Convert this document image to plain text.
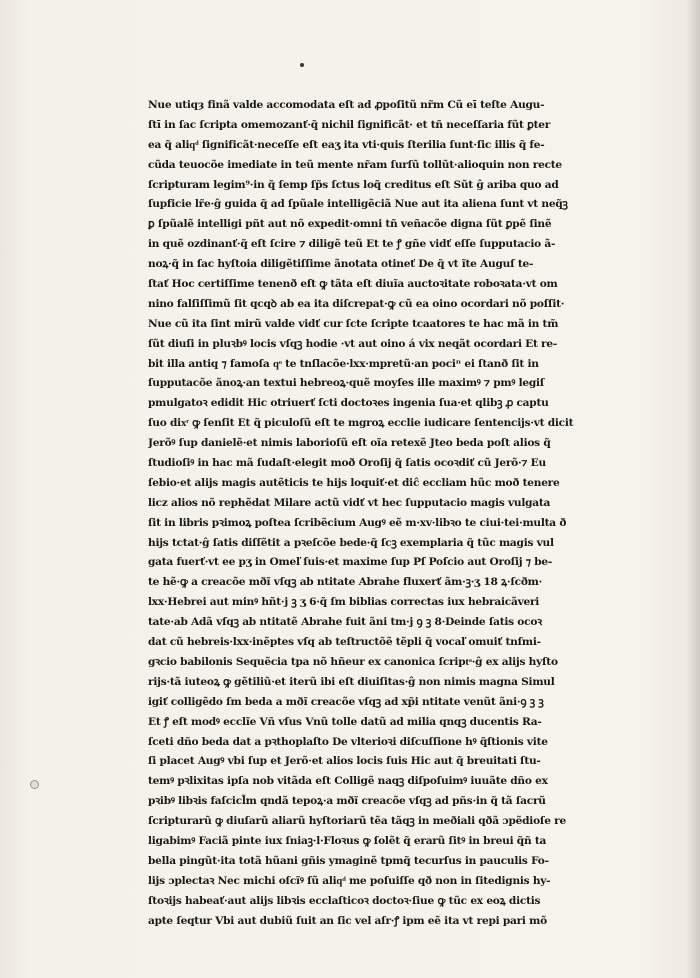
Nue utiqȝ finã valde accomodata eſt ad ꝓpoſitũ nr̃m Cũ eī teſte Augu-
ſtī in ſac ſcripta omemozanť·q̃ nichil ſignificãt· et tñ neceſſaria fũt ꝑter
ea q̃ aliqͩ ſignificãt·neceſſe eſt eaʒ ita vti·quis ſterilia ſunt·ſic illis q̃ fe-
cũda teuocõe imediate in teũ mente nr̃am ſurſũ tollũt·alioquin non recte
ſcripturam legim⁹·in q̃ ſemp ſp̃s ſctus loq̃ creditus eſt Sũt ĝ ariba quo ad
ſupficie lr̃e·ĝ guida q̃ ad ſpũale intelligẽciã Nue aut ita aliena ſunt vt neq̃ꝫ
ꝑ ſpũalẽ intelligi pñt aut nõ expedit·omni tñ veñacõe digna ſũt ꝑpẽ ſinẽ
in quẽ ozdinanť·q̃ eſt ſcire ⁊ diligẽ teũ Et te ꝭ gñe vidť eſſe ſupputacio ã-
noꝝ·q̃ in ſac hyſtoia diligẽtiſſime ãnotata otineť De q̃ vt ĩte Auguſ te-
ſtať Hoc certiſſime tenenð eſt ꝙ tãta eſt diuĩa auctoꝛitate roboꝛata·vt om
nino falſiſſimũ ſit qcqꝺ ab ea ita diſcrepat·ꝙ cũ ea oino ocordari nõ poſſit·
Nue cũ ita ſint mirũ valde vidť cur ſcte ſcripte tcaatores te hac mã in tm̃
ſũt diuſi in pluꝛbꝰ locis vſqꝫ hodie ·vt aut oino á vix neqãt ocordari Et re-
bit illa antiq ⁊ famoſa qͦ te tnſlacõe·lxx·mpretũ·an pociⁿ ei ſtanð ſit in
ſupputacõe ãnoꝝ·an textui hebreoꝝ·quẽ moyſes ille maximꝰ ⁊ pmꝰ legiſ
pmulgatoꝛ edidit Hic otriuerť ſcti doctoꝛes ingenia ſua·et qlibꝫ ꝓ captu
ſuo dixͬ ꝙ ſenſit Et q̃ piculoſũ eſt te mgroꝝ ecclie iudicare ſentencijs·vt dicit
Jerõꝰ ſup danielẽ·et nimis laborioſũ eſt oĩa retexẽ Jteo beda poſt alios q̃
ſtudioſiꝰ in hac mã ſudaſt·elegit moð Oroſij q̃ ſatis ocoꝛdiť cũ Jerõ·⁊ Eu
ſebio·et alijs magis autẽticis te hijs loquiť·et diĉ eccliam hũc moð tenere
licz alios nõ rephẽdat Milare actũ vidť vt hec ſupputacio magis vulgata
ſit in libris pꝛimoꝝ poſtea ſcribẽcium Augꝰ eẽ m·xv·libꝛo te ciui·tei·multa ð
hijs tctat·ĝ ſatis diſſẽtit a pꝛeſcõe bede·q̃ ſcꝫ exemplaria q̃ tũc magis vul
gata fuerť·vt ee pʒ in Omeľ ſuis·et maxime ſup Pſ Poſcio aut Oroſij ⁊ be-
te hẽ·ꝙ a creacõe mðĩ vſqꝫ ab ntitate Abrahe fluxerť ãm·ꝫ·ʒ 18 ꝝ·ſcðm·
lxx·Hebrei aut minꝰ hñt·j ꝫ ʒ 6·q̃ ſm biblias correctas iux hebraicãveri
tate·ab Adã vſqꝫ ab ntitatẽ Abrahe fuit ãni tm·j ꝯ ꝫ 8·Deinde ſatis ocoꝛ
dat cũ hebreis·lxx·inẽptes vſq ab teſtructõẽ tẽpli q̃ vocaľ omuiť tnſmi-
gꝛcio babilonis Sequẽcia tpa nõ hñeur ex canonica ſcriptͣ·ĝ ex alijs hyſto
rijs·tã iuteoꝝ ꝙ gẽtiliũ·et iterũ ibi eſt diuiſitas·ĝ non nimis magna Simul
igiť colligẽdo ſm beda a mðĩ creacõe vſqꝫ ad xp̃i ntitate venũt ãni·ꝯ ꝫ ꝫ
Et ꝭ eſt modꝰ ecclĩe Vñ vſus Vnũ tolle datũ ad milia qnqꝫ ducentis Ra-
ſceti dño beda dat a pꝛthoplaſto De vlterioꝛi diſcuſſione hꝰ q̃ſtionis vite
ſi placet Augꝰ vbi ſup et Jerõ·et alios locis ſuis Hic aut q̃ breuitati ſtu-
temꝰ pꝛlixitas ipſa nob vitãda eſt Colligẽ naqꝫ diſpoſuimꝰ iuuãte dño ex
pꝛibꝰ libꝛis faſcicl̃m qndã tepoꝝ·a mðĩ creacõe vſqꝫ ad pñs·in q̃ tã ſacrũ
ſcripturarũ ꝙ diuſarũ aliarũ hyſtoriarũ tẽa tãqꝫ in meðiali qðã ɔpẽdioſe re
ligabimꝰ Faciã pinte iux ſniaꝫ·l·Floꝛus ꝙ ſolẽt q̃ erarũ ſitꝰ in breui q̃ñ ta
bella pingũt·ita totã hũani gñis ymaginẽ tpmq̃ tecurſus in pauculis Fo-
lijs ɔplectaꝛ Nec michi oſcĩꝰ ſũ aliqͩ me poſuiſſe qð non in ſitedignis hy-
ſtoꝛijs habeať·aut alijs libꝛis ecclaſticoꝛ doctoꝛ·ſiue ꝙ tũc ex eoꝝ dictis
apte ſeqtur Vbi aut dubiũ ſuit an ſic vel aſr·ꝭ ipm eẽ ita vt repi pari mõ
